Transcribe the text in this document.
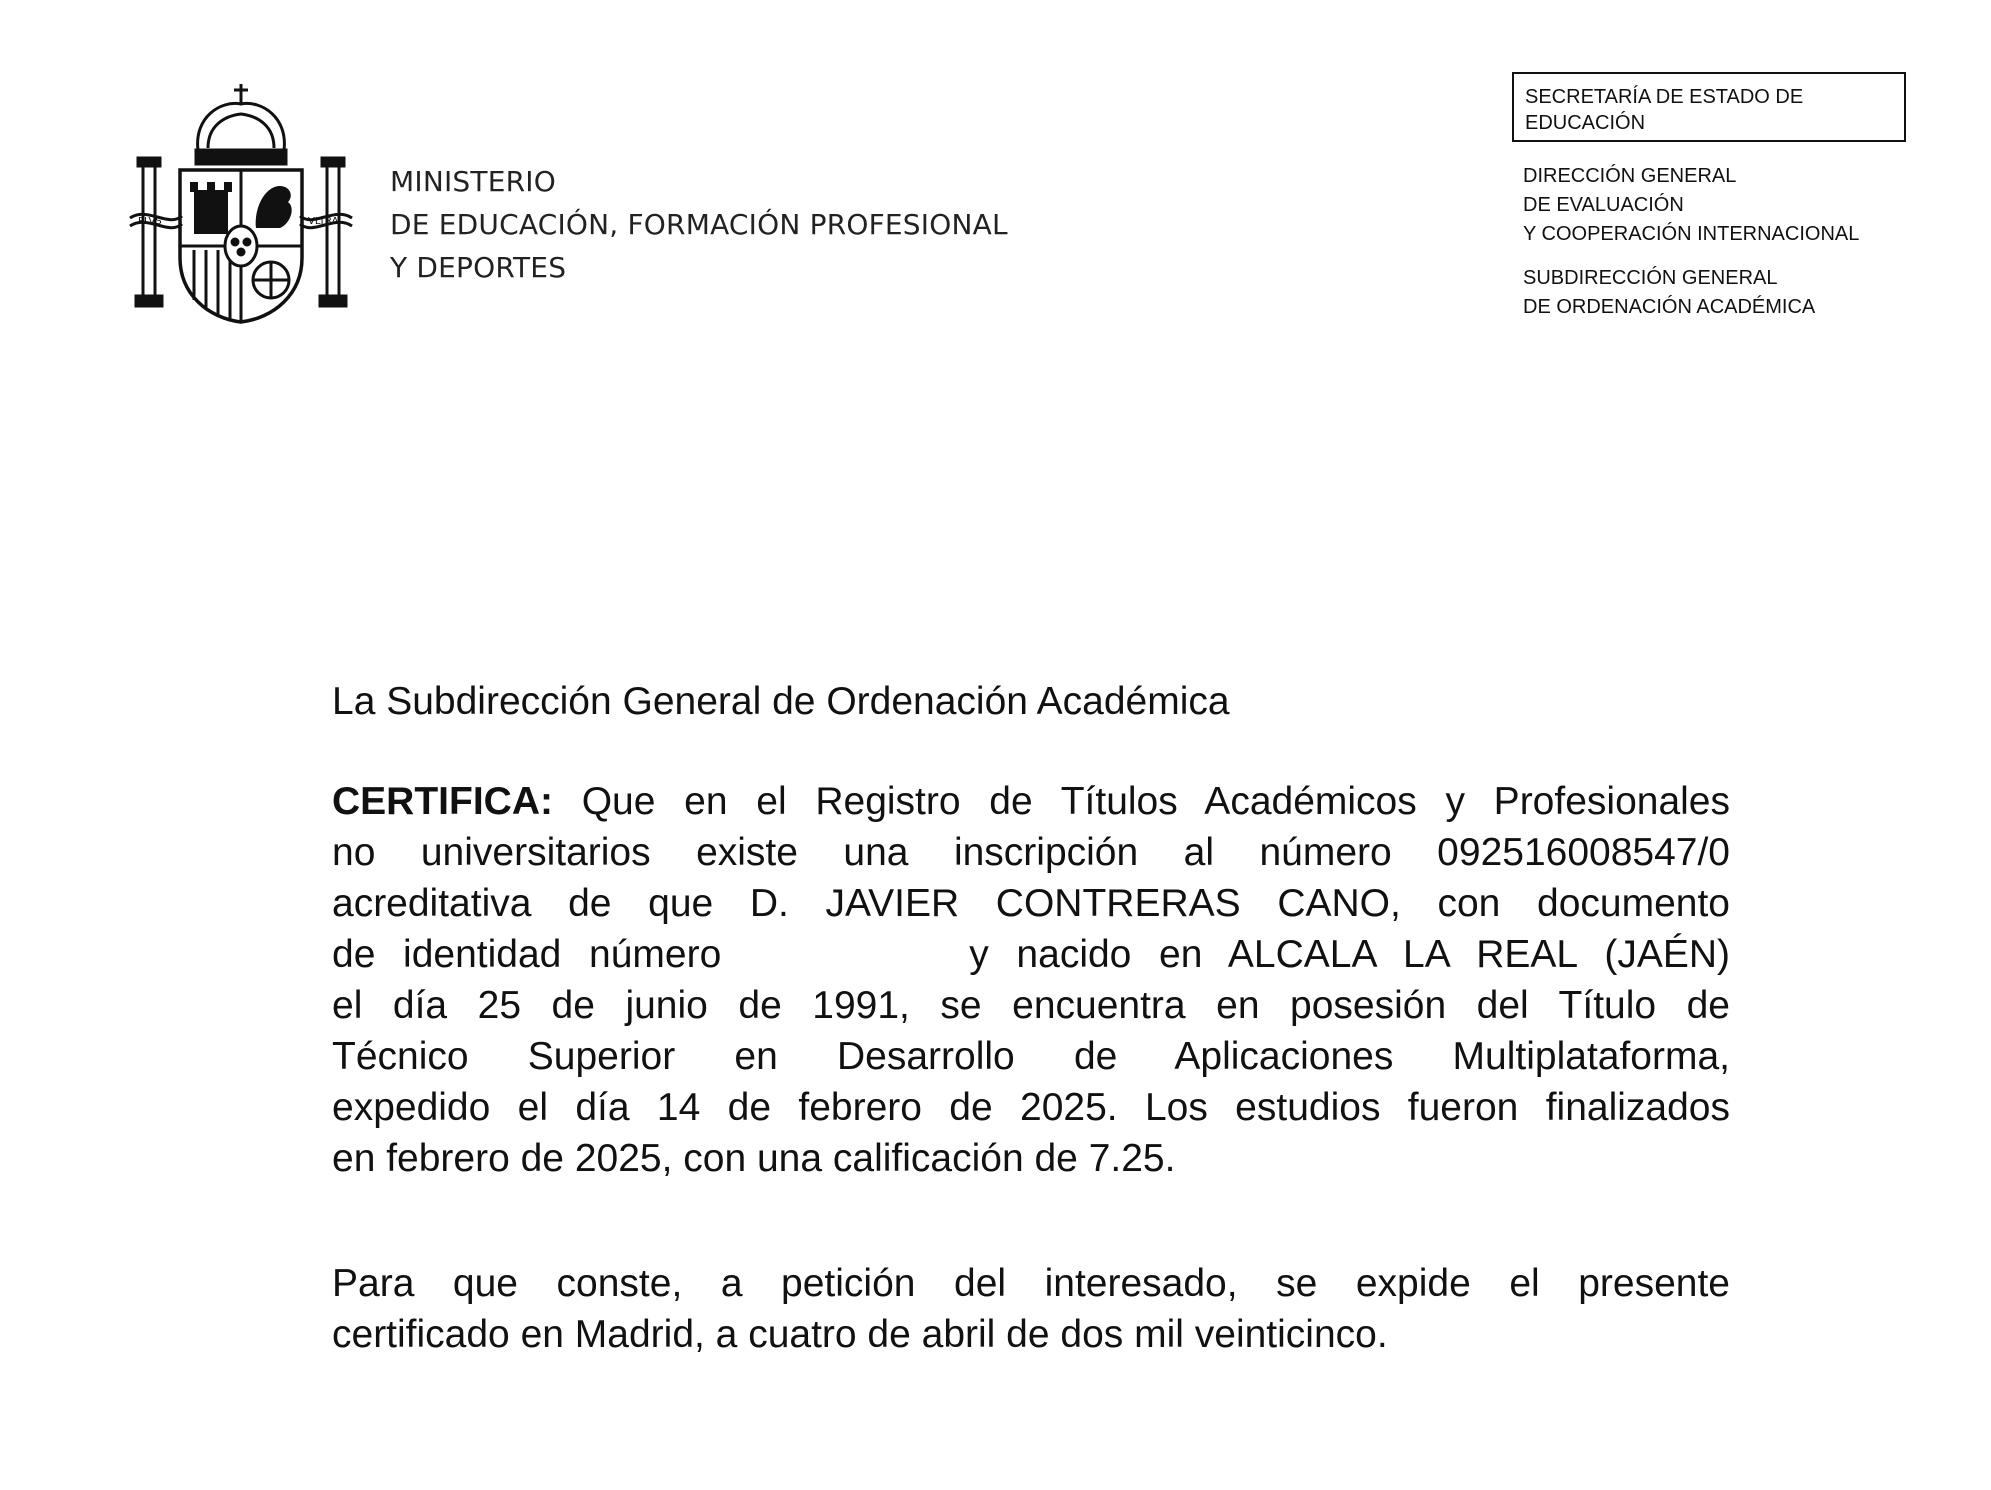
PLVS	VLTRA
MINISTERIO
DE EDUCACIÓN, FORMACIÓN PROFESIONAL
Y DEPORTES
SECRETARÍA DE ESTADO DE
EDUCACIÓN
DIRECCIÓN GENERAL
DE EVALUACIÓN
Y COOPERACIÓN INTERNACIONAL
SUBDIRECCIÓN GENERAL
DE ORDENACIÓN ACADÉMICA
La Subdirección General de Ordenación Académica
CERTIFICA: Que en el Registro de Títulos Académicos y Profesionales
no universitarios existe una inscripción al número 092516008547/0
acreditativa de que D. JAVIER CONTRERAS CANO, con documento
de identidad número	y nacido en ALCALA LA REAL (JAÉN)
el día 25 de junio de 1991, se encuentra en posesión del Título de
Técnico Superior en Desarrollo de Aplicaciones Multiplataforma,
expedido el día 14 de febrero de 2025. Los estudios fueron finalizados
en febrero de 2025, con una calificación de 7.25.
Para que conste, a petición del interesado, se expide el presente
certificado en Madrid, a cuatro de abril de dos mil veinticinco.
